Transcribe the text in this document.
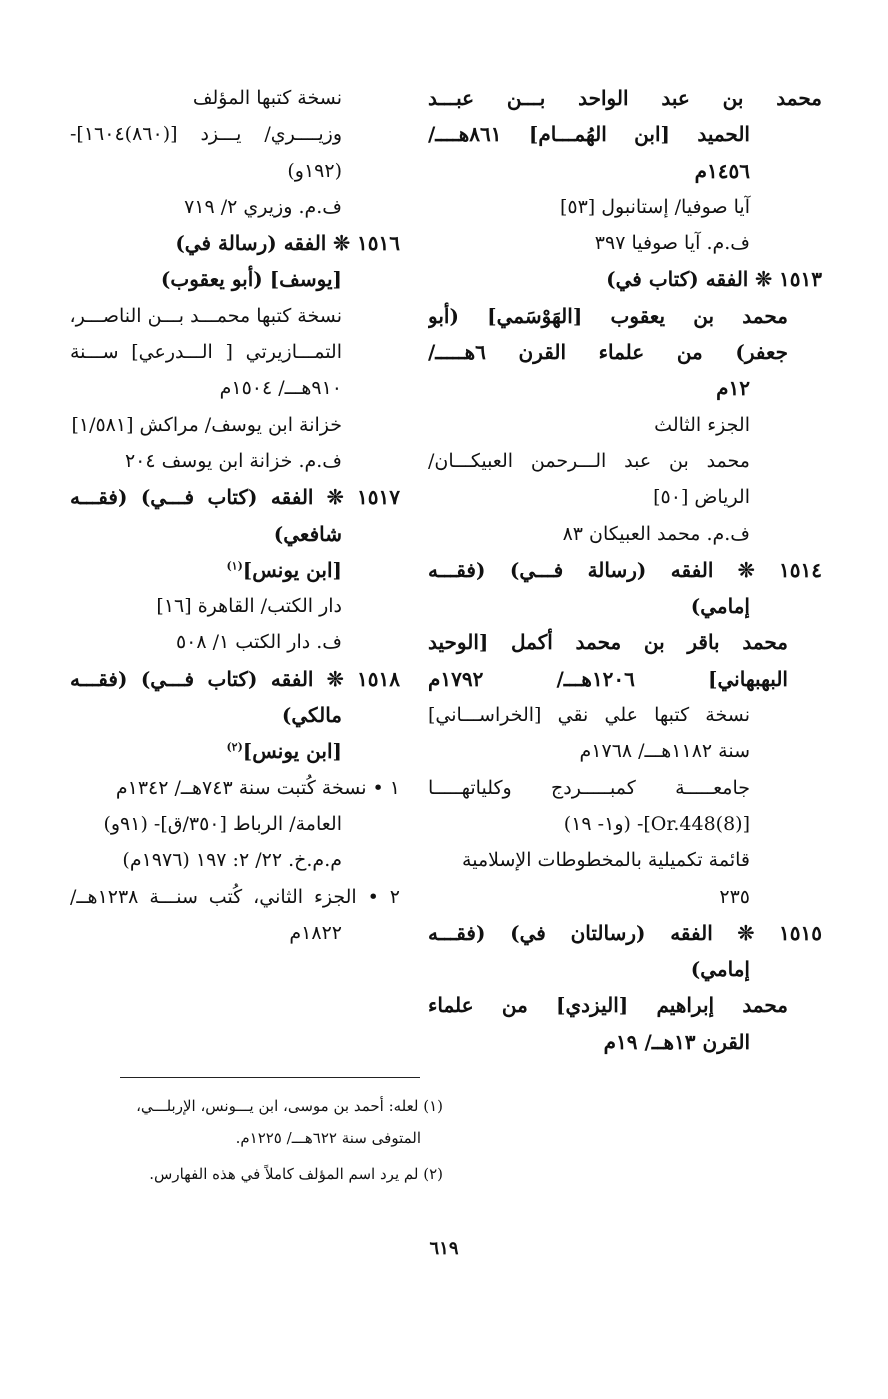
محمد بن عبد الواحد بـــن عبـــد
الحميد [ابن الهُمـــام] ٨٦١هــــ/
١٤٥٦م
آيا صوفيا/ إستانبول [٥٣]
ف.م. آيا صوفيا ٣٩٧
١٥١٣ ❊ الفقه (كتاب في)
محمد بن يعقوب [الهَوْسَمي] (أبو
جعفر) من علماء القرن ٦هـــــ/
١٢م
الجزء الثالث
محمد بن عبد الـــرحمن العبيكـــان/
الرياض [٥٠]
ف.م. محمد العبيكان ٨٣
١٥١٤ ❊ الفقه (رسالة فـــي) (فقـــه
إمامي)
محمد باقر بن محمد أكمل [الوحيد
البهبهاني] ١٢٠٦هـــ/ ١٧٩٢م
نسخة كتبها علي نقي [الخراســـاني]
سنة ١١٨٢هـــ/ ١٧٦٨م
جامعـــــة كمبـــــردج وكلياتهـــــا
[Or.448(8)]- (و١- ١٩)
قائمة تكميلية بالمخطوطات الإسلامية
٢٣٥
١٥١٥ ❊ الفقه (رسالتان في) (فقـــه
إمامي)
محمد إبراهيم [اليزدي] من علماء
القرن ١٣هــ/ ١٩م
نسخة كتبها المؤلف
وزيــــري/ يـــزد [(٨٦٠)١٦٠٤]-
(١٩٢و)
ف.م. وزيري ٢/ ٧١٩
١٥١٦ ❊ الفقه (رسالة في)
[يوسف] (أبو يعقوب)
نسخة كتبها محمـــد بـــن الناصـــر،
التمـــازيرتي [ الـــدرعي] ســـنة
٩١٠هـــ/ ١٥٠٤م
خزانة ابن يوسف/ مراكش [١/٥٨١]
ف.م. خزانة ابن يوسف ٢٠٤
١٥١٧ ❊ الفقه (كتاب فـــي) (فقـــه
شافعي)
[ابن يونس]$^{(١)}$
دار الكتب/ القاهرة [١٦]
ف. دار الكتب ١/ ٥٠٨
١٥١٨ ❊ الفقه (كتاب فـــي) (فقـــه
مالكي)
[ابن يونس]$^{(٢)}$
١ • نسخة كُتبت سنة ٧٤٣هــ/ ١٣٤٢م
العامة/ الرباط [٣٥٠/ق]- (٩١و)
م.م.خ. ٢٢/ ٢: ١٩٧ (١٩٧٦م)
٢ • الجزء الثاني، كُتب سنـــة ١٢٣٨هــ/
١٨٢٢م
(١) لعله: أحمد بن موسى، ابن يـــونس، الإربلـــي،
المتوفى سنة ٦٢٢هـــ/ ١٢٢٥م.
(٢) لم يرد اسم المؤلف كاملاً في هذه الفهارس.
٦١٩
